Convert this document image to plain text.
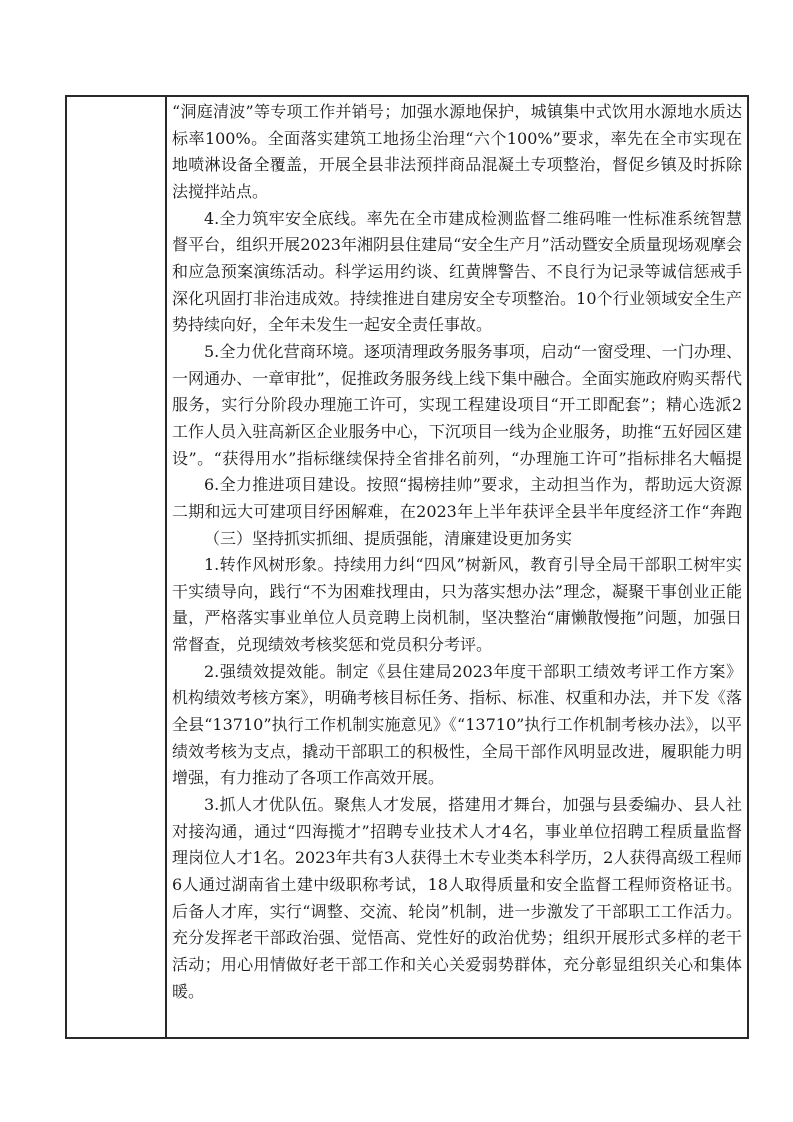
“洞庭清波”等专项工作并销号；加强水源地保护，城镇集中式饮用水源地水质达
标率100%。全面落实建筑工地扬尘治理“六个100%”要求，率先在全市实现在
地喷淋设备全覆盖，开展全县非法预拌商品混凝土专项整治，督促乡镇及时拆除
法搅拌站点。
4.全力筑牢安全底线。率先在全市建成检测监督二维码唯一性标准系统智慧
督平台，组织开展2023年湘阴县住建局“安全生产月”活动暨安全质量现场观摩会
和应急预案演练活动。科学运用约谈、红黄牌警告、不良行为记录等诚信惩戒手
深化巩固打非治违成效。持续推进自建房安全专项整治。10个行业领域安全生产
势持续向好，全年未发生一起安全责任事故。
5.全力优化营商环境。逐项清理政务服务事项，启动“一窗受理、一门办理、
一网通办、一章审批”，促推政务服务线上线下集中融合。全面实施政府购买帮代
服务，实行分阶段办理施工许可，实现工程建设项目“开工即配套”；精心选派2
工作人员入驻高新区企业服务中心，下沉项目一线为企业服务，助推“五好园区建
设”。“获得用水”指标继续保持全省排名前列，“办理施工许可”指标排名大幅提
6.全力推进项目建设。按照“揭榜挂帅”要求，主动担当作为，帮助远大资源
二期和远大可建项目纾困解难，在2023年上半年获评全县半年度经济工作“奔跑
（三）坚持抓实抓细、提质强能，清廉建设更加务实
1.转作风树形象。持续用力纠“四风”树新风，教育引导全局干部职工树牢实
干实绩导向，践行“不为困难找理由，只为落实想办法”理念，凝聚干事创业正能
量，严格落实事业单位人员竞聘上岗机制，坚决整治“庸懒散慢拖”问题，加强日
常督查，兑现绩效考核奖惩和党员积分考评。
2.强绩效提效能。制定《县住建局2023年度干部职工绩效考评工作方案》
机构绩效考核方案》，明确考核目标任务、指标、标准、权重和办法，并下发《落
全县“13710”执行工作机制实施意见》《“13710”执行工作机制考核办法》，以平
绩效考核为支点，撬动干部职工的积极性，全局干部作风明显改进，履职能力明
增强，有力推动了各项工作高效开展。
3.抓人才优队伍。聚焦人才发展，搭建用才舞台，加强与县委编办、县人社
对接沟通，通过“四海揽才”招聘专业技术人才4名，事业单位招聘工程质量监督
理岗位人才1名。2023年共有3人获得土木专业类本科学历，2人获得高级工程师
6人通过湖南省土建中级职称考试，18人取得质量和安全监督工程师资格证书。
后备人才库，实行“调整、交流、轮岗”机制，进一步激发了干部职工工作活力。
充分发挥老干部政治强、觉悟高、党性好的政治优势；组织开展形式多样的老干
活动；用心用情做好老干部工作和关心关爱弱势群体，充分彰显组织关心和集体
暖。
